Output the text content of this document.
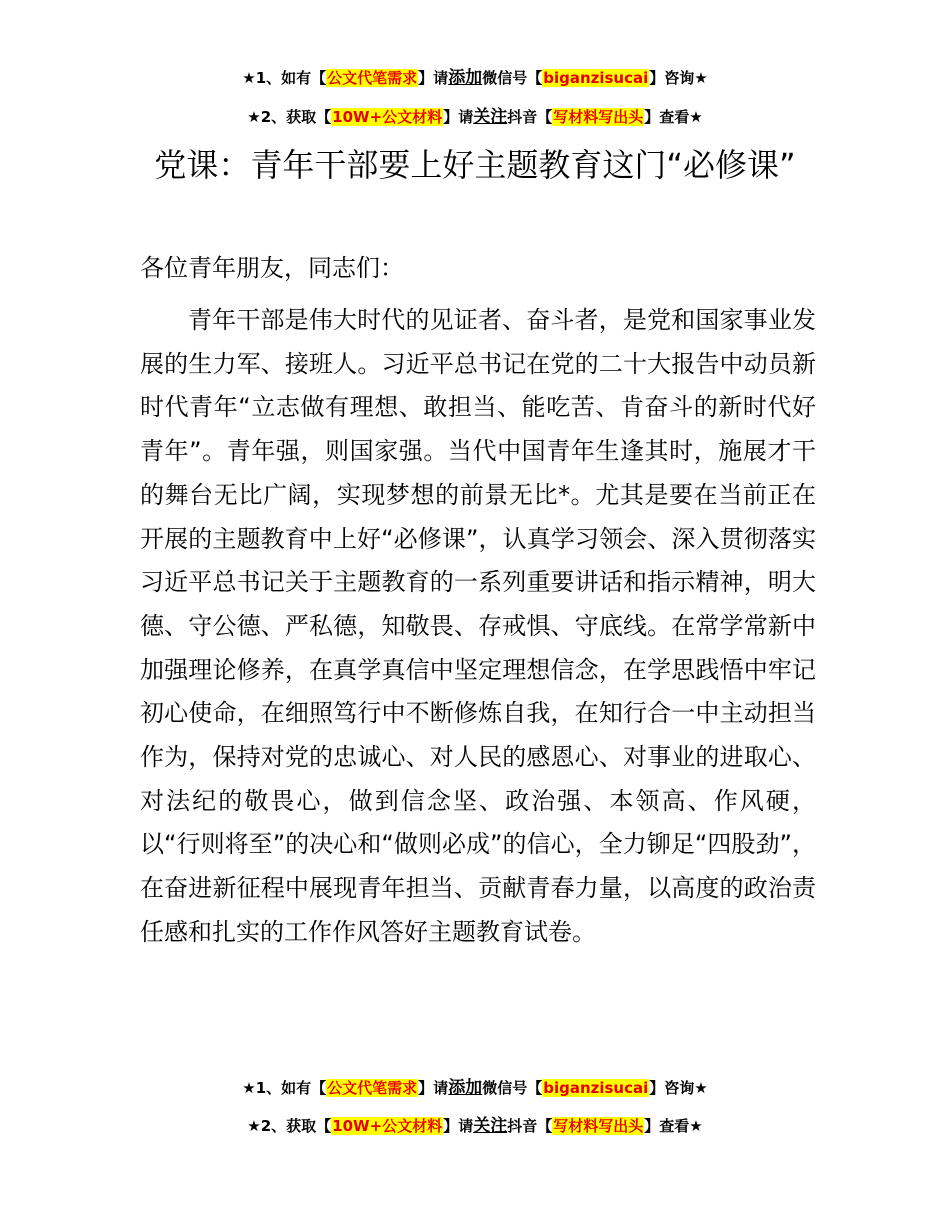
★1、如有【公文代笔需求】请添加微信号【biganzisucai】咨询★
★2、获取【10W+公文材料】请关注抖音【写材料写出头】查看★
党课：青年干部要上好主题教育这门“必修课”

各位青年朋友，同志们：

青年干部是伟大时代的见证者、奋斗者，是党和国家事业发展的生力军、接班人。习近平总书记在党的二十大报告中动员新时代青年“立志做有理想、敢担当、能吃苦、肯奋斗的新时代好青年”。青年强，则国家强。当代中国青年生逢其时，施展才干的舞台无比广阔，实现梦想的前景无比*。尤其是要在当前正在开展的主题教育中上好“必修课”，认真学习领会、深入贯彻落实习近平总书记关于主题教育的一系列重要讲话和指示精神，明大德、守公德、严私德，知敬畏、存戒惧、守底线。在常学常新中加强理论修养，在真学真信中坚定理想信念，在学思践悟中牢记初心使命，在细照笃行中不断修炼自我，在知行合一中主动担当作为，保持对党的忠诚心、对人民的感恩心、对事业的进取心、对法纪的敬畏心，做到信念坚、政治强、本领高、作风硬，以“行则将至”的决心和“做则必成”的信心，全力铆足“四股劲”，在奋进新征程中展现青年担当、贡献青春力量，以高度的政治责任感和扎实的工作作风答好主题教育试卷。

★1、如有【公文代笔需求】请添加微信号【biganzisucai】咨询★
★2、获取【10W+公文材料】请关注抖音【写材料写出头】查看★
